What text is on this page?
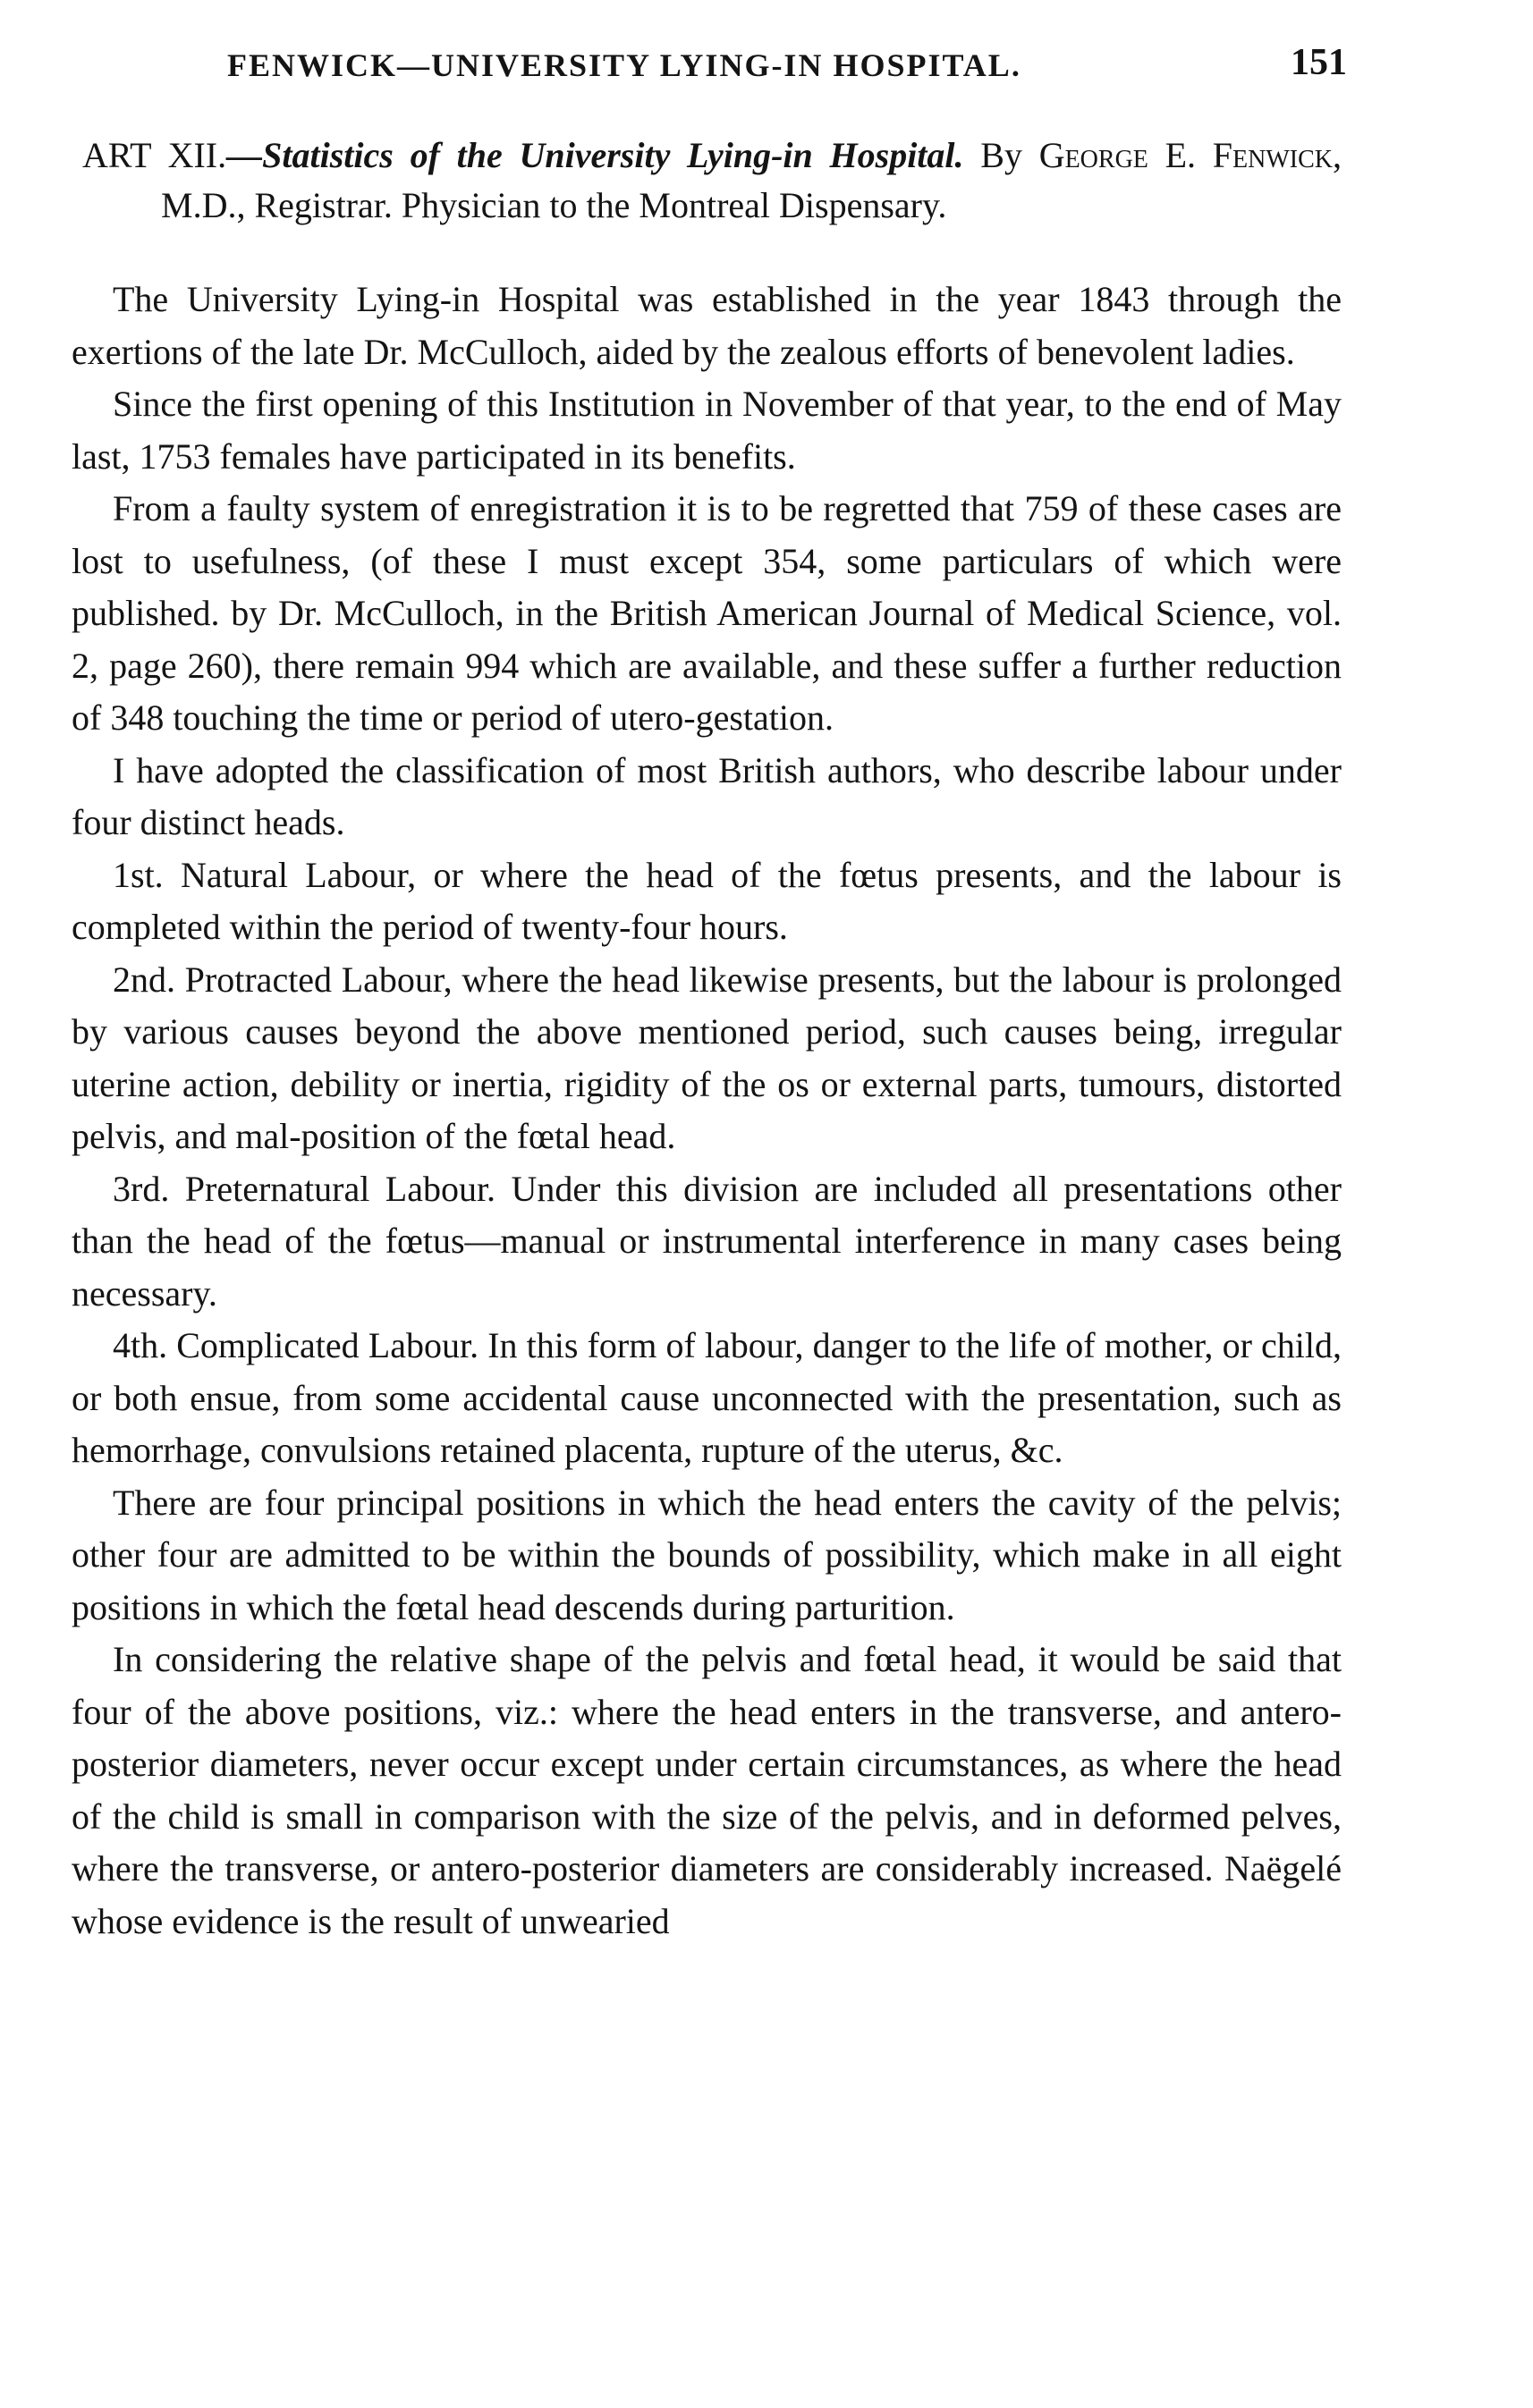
FENWICK—UNIVERSITY LYING-IN HOSPITAL.	151
ART XII.—Statistics of the University Lying-in Hospital. By George E. Fenwick, M.D., Registrar. Physician to the Montreal Dispensary.

The University Lying-in Hospital was established in the year 1843 through the exertions of the late Dr. McCulloch, aided by the zealous efforts of benevolent ladies.

Since the first opening of this Institution in November of that year, to the end of May last, 1753 females have participated in its benefits.

From a faulty system of enregistration it is to be regretted that 759 of these cases are lost to usefulness, (of these I must except 354, some particulars of which were published. by Dr. McCulloch, in the British American Journal of Medical Science, vol. 2, page 260), there remain 994 which are available, and these suffer a further reduction of 348 touching the time or period of utero-gestation.

I have adopted the classification of most British authors, who describe labour under four distinct heads.

1st. Natural Labour, or where the head of the fœtus presents, and the labour is completed within the period of twenty-four hours.

2nd. Protracted Labour, where the head likewise presents, but the labour is prolonged by various causes beyond the above mentioned period, such causes being, irregular uterine action, debility or inertia, rigidity of the os or external parts, tumours, distorted pelvis, and mal-position of the fœtal head.

3rd. Preternatural Labour. Under this division are included all presentations other than the head of the fœtus—manual or instrumental interference in many cases being necessary.

4th. Complicated Labour. In this form of labour, danger to the life of mother, or child, or both ensue, from some accidental cause unconnected with the presentation, such as hemorrhage, convulsions retained placenta, rupture of the uterus, &c.

There are four principal positions in which the head enters the cavity of the pelvis; other four are admitted to be within the bounds of possibility, which make in all eight positions in which the fœtal head descends during parturition.

In considering the relative shape of the pelvis and fœtal head, it would be said that four of the above positions, viz.: where the head enters in the transverse, and antero-posterior diameters, never occur except under certain circumstances, as where the head of the child is small in comparison with the size of the pelvis, and in deformed pelves, where the transverse, or antero-posterior diameters are considerably increased. Naëgelé whose evidence is the result of unwearied
